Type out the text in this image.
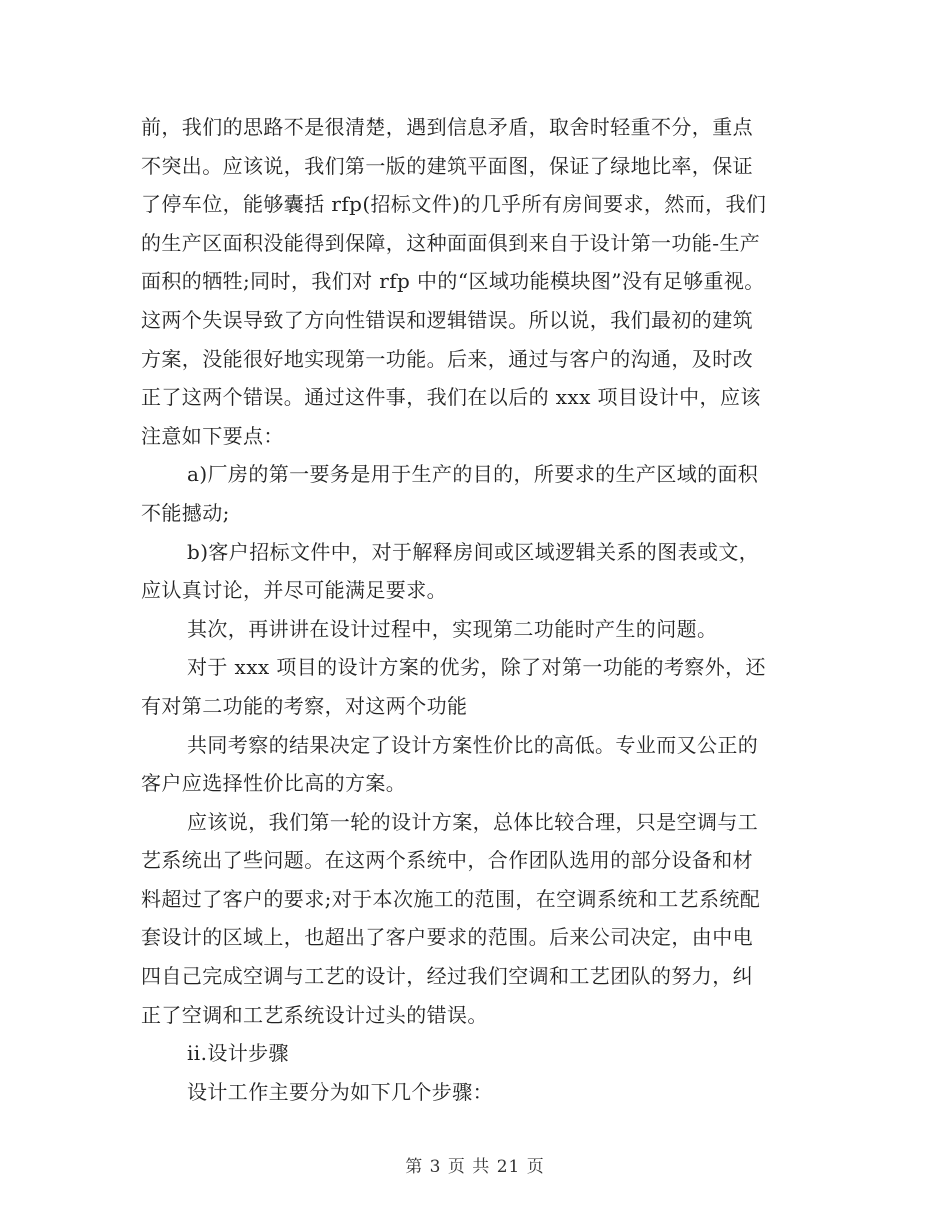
前，我们的思路不是很清楚，遇到信息矛盾，取舍时轻重不分，重点
不突出。应该说，我们第一版的建筑平面图，保证了绿地比率，保证
了停车位，能够囊括 rfp(招标文件)的几乎所有房间要求，然而，我们
的生产区面积没能得到保障，这种面面俱到来自于设计第一功能-生产
面积的牺牲;同时，我们对 rfp 中的“区域功能模块图”没有足够重视。
这两个失误导致了方向性错误和逻辑错误。所以说，我们最初的建筑
方案，没能很好地实现第一功能。后来，通过与客户的沟通，及时改
正了这两个错误。通过这件事，我们在以后的 xxx 项目设计中，应该
注意如下要点：
a)厂房的第一要务是用于生产的目的，所要求的生产区域的面积
不能撼动;
b)客户招标文件中，对于解释房间或区域逻辑关系的图表或文，
应认真讨论，并尽可能满足要求。
其次，再讲讲在设计过程中，实现第二功能时产生的问题。
对于 xxx 项目的设计方案的优劣，除了对第一功能的考察外，还
有对第二功能的考察，对这两个功能
共同考察的结果决定了设计方案性价比的高低。专业而又公正的
客户应选择性价比高的方案。
应该说，我们第一轮的设计方案，总体比较合理，只是空调与工
艺系统出了些问题。在这两个系统中，合作团队选用的部分设备和材
料超过了客户的要求;对于本次施工的范围，在空调系统和工艺系统配
套设计的区域上，也超出了客户要求的范围。后来公司决定，由中电
四自己完成空调与工艺的设计，经过我们空调和工艺团队的努力，纠
正了空调和工艺系统设计过头的错误。
ii.设计步骤
设计工作主要分为如下几个步骤：
第 3 页 共 21 页
